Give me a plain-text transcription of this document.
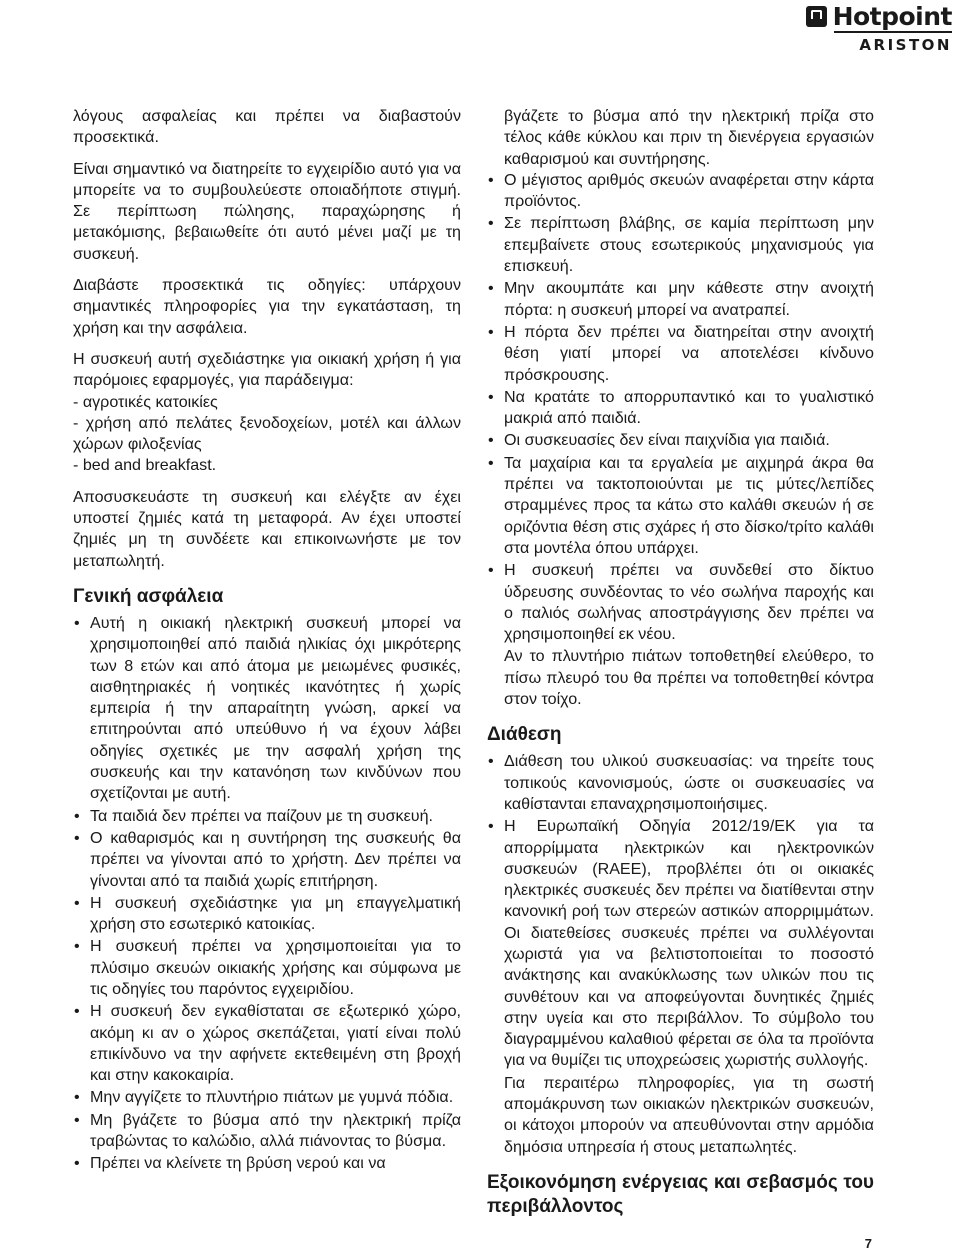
Hotpoint
ARISTON

λόγους ασφαλείας και πρέπει να διαβαστούν προσεκτικά.

Είναι σημαντικό να διατηρείτε το εγχειρίδιο αυτό για να μπορείτε να το συμβουλεύεστε οποιαδήποτε στιγμή. Σε περίπτωση πώλησης, παραχώρησης ή μετακόμισης, βεβαιωθείτε ότι αυτό μένει μαζί με τη συσκευή.

Διαβάστε προσεκτικά τις οδηγίες: υπάρχουν σημαντικές πληροφορίες για την εγκατάσταση, τη χρήση και την ασφάλεια.

Η συσκευή αυτή σχεδιάστηκε για οικιακή χρήση ή για παρόμοιες εφαρμογές, για παράδειγμα:
- αγροτικές κατοικίες
- χρήση από πελάτες ξενοδοχείων, μοτέλ και άλλων χώρων φιλοξενίας
- bed and breakfast.

Αποσυσκευάστε τη συσκευή και ελέγξτε αν έχει υποστεί ζημιές κατά τη μεταφορά. Αν έχει υποστεί ζημιές μη τη συνδέετε και επικοινωνήστε με τον μεταπωλητή.

Γενική ασφάλεια
• Αυτή η οικιακή ηλεκτρική συσκευή μπορεί να χρησιμοποιηθεί από παιδιά ηλικίας όχι μικρότερης των 8 ετών και από άτομα με μειωμένες φυσικές, αισθητηριακές ή νοητικές ικανότητες ή χωρίς εμπειρία ή την απαραίτητη γνώση, αρκεί να επιτηρούνται από υπεύθυνο ή να έχουν λάβει οδηγίες σχετικές με την ασφαλή χρήση της συσκευής και την κατανόηση των κινδύνων που σχετίζονται με αυτή.
• Τα παιδιά δεν πρέπει να παίζουν με τη συσκευή.
• Ο καθαρισμός και η συντήρηση της συσκευής θα πρέπει να γίνονται από το χρήστη. Δεν πρέπει να γίνονται από τα παιδιά χωρίς επιτήρηση.
• Η συσκευή σχεδιάστηκε για μη επαγγελματική χρήση στο εσωτερικό κατοικίας.
• Η συσκευή πρέπει να χρησιμοποιείται για το πλύσιμο σκευών οικιακής χρήσης και σύμφωνα με τις οδηγίες του παρόντος εγχειριδίου.
• Η συσκευή δεν εγκαθίσταται σε εξωτερικό χώρο, ακόμη κι αν ο χώρος σκεπάζεται, γιατί είναι πολύ επικίνδυνο να την αφήνετε εκτεθειμένη στη βροχή και στην κακοκαιρία.
• Μην αγγίζετε το πλυντήριο πιάτων με γυμνά πόδια.
• Μη βγάζετε το βύσμα από την ηλεκτρική πρίζα τραβώντας το καλώδιο, αλλά πιάνοντας το βύσμα.
• Πρέπει να κλείνετε τη βρύση νερού και να

βγάζετε το βύσμα από την ηλεκτρική πρίζα στο τέλος κάθε κύκλου και πριν τη διενέργεια εργασιών καθαρισμού και συντήρησης.

• Ο μέγιστος αριθμός σκευών αναφέρεται στην κάρτα προϊόντος.
• Σε περίπτωση βλάβης, σε καμία περίπτωση μην επεμβαίνετε στους εσωτερικούς μηχανισμούς για επισκευή.
• Μην ακουμπάτε και μην κάθεστε στην ανοιχτή πόρτα: η συσκευή μπορεί να ανατραπεί.
• Η πόρτα δεν πρέπει να διατηρείται στην ανοιχτή θέση γιατί μπορεί να αποτελέσει κίνδυνο πρόσκρουσης.
• Να κρατάτε το απορρυπαντικό και το γυαλιστικό μακριά από παιδιά.
• Οι συσκευασίες δεν είναι παιχνίδια για παιδιά.
• Τα μαχαίρια και τα εργαλεία με αιχμηρά άκρα θα πρέπει να τακτοποιούνται με τις μύτες/λεπίδες στραμμένες προς τα κάτω στο καλάθι σκευών ή σε οριζόντια θέση στις σχάρες ή στο δίσκο/τρίτο καλάθι στα μοντέλα όπου υπάρχει.
• Η συσκευή πρέπει να συνδεθεί στο δίκτυο ύδρευσης συνδέοντας το νέο σωλήνα παροχής και ο παλιός σωλήνας αποστράγγισης δεν πρέπει να χρησιμοποιηθεί εκ νέου.

Αν το πλυντήριο πιάτων τοποθετηθεί ελεύθερο, το πίσω πλευρό του θα πρέπει να τοποθετηθεί κόντρα στον τοίχο.

Διάθεση
• Διάθεση του υλικού συσκευασίας: να τηρείτε τους τοπικούς κανονισμούς, ώστε οι συσκευασίες να καθίστανται επαναχρησιμοποιήσιμες.
• Η Ευρωπαϊκή Οδηγία 2012/19/ΕΚ για τα απορρίμματα ηλεκτρικών και ηλεκτρονικών συσκευών (RAEE), προβλέπει ότι οι οικιακές ηλεκτρικές συσκευές δεν πρέπει να διατίθενται στην κανονική ροή των στερεών αστικών απορριμμάτων. Οι διατεθείσες συσκευές πρέπει να συλλέγονται χωριστά για να βελτιστοποιείται το ποσοστό ανάκτησης και ανακύκλωσης των υλικών που τις συνθέτουν και να αποφεύγονται δυνητικές ζημιές στην υγεία και στο περιβάλλον. Το σύμβολο του διαγραμμένου καλαθιού φέρεται σε όλα τα προϊόντα για να θυμίζει τις υποχρεώσεις χωριστής συλλογής.

Για περαιτέρω πληροφορίες, για τη σωστή απομάκρυνση των οικιακών ηλεκτρικών συσκευών, οι κάτοχοι μπορούν να απευθύνονται στην αρμόδια δημόσια υπηρεσία ή στους μεταπωλητές.

Εξοικονόμηση ενέργειας και σεβασμός του περιβάλλοντος
7
